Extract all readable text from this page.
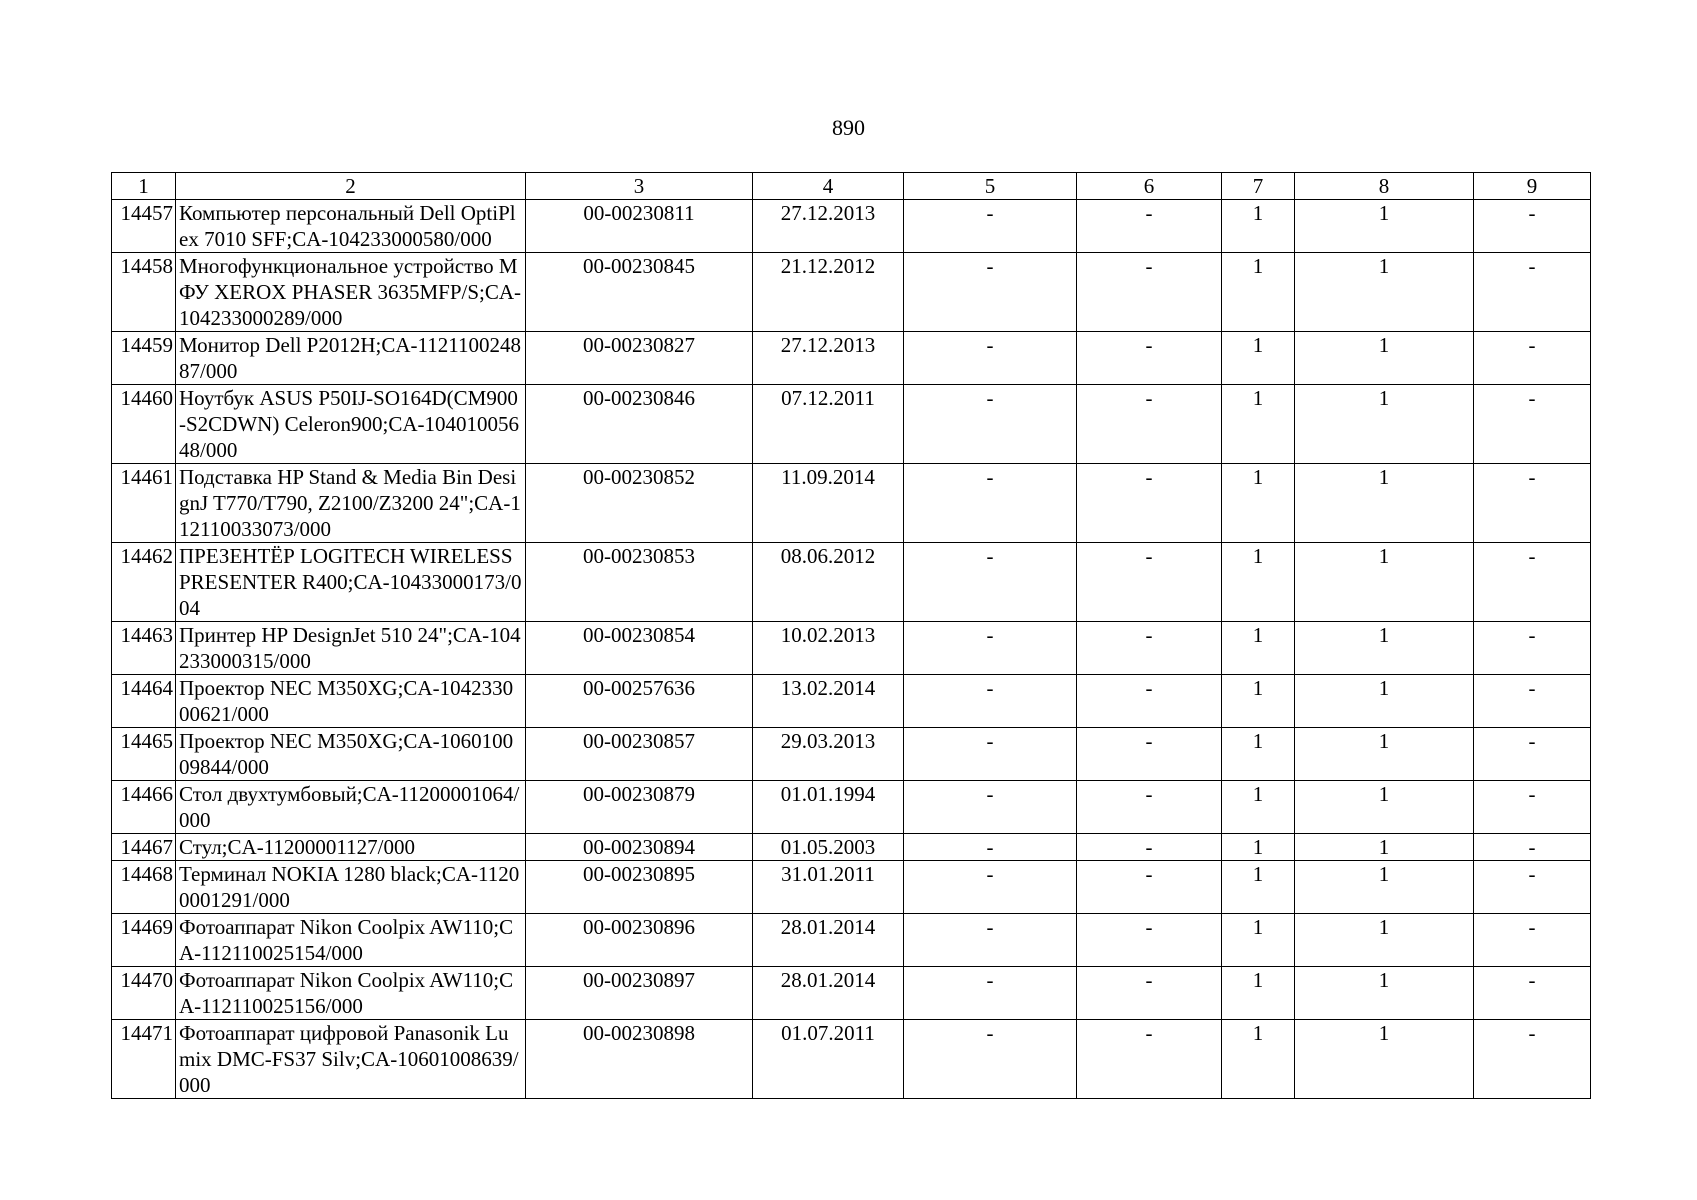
890
1	2	3	4	5	6	7	8	9
14457	Компьютер персональный Dell OptiPlex 7010 SFF;CA-104233000580/000	00-00230811	27.12.2013	-	-	1	1	-
14458	Многофункциональное устройство МФУ XEROX PHASER 3635MFP/S;CA-104233000289/000	00-00230845	21.12.2012	-	-	1	1	-
14459	Монитор Dell P2012H;CA-112110024887/000	00-00230827	27.12.2013	-	-	1	1	-
14460	Ноутбук ASUS P50IJ-SO164D(CM900-S2CDWN) Celeron900;CA-10401005648/000	00-00230846	07.12.2011	-	-	1	1	-
14461	Подставка HP Stand & Media Bin DesignJ T770/T790, Z2100/Z3200 24";CA-112110033073/000	00-00230852	11.09.2014	-	-	1	1	-
14462	ПРЕЗЕНТЁР LOGITECH WIRELESS PRESENTER R400;CA-10433000173/004	00-00230853	08.06.2012	-	-	1	1	-
14463	Принтер HP DesignJet 510 24";CA-104233000315/000	00-00230854	10.02.2013	-	-	1	1	-
14464	Проектор NEC M350XG;CA-104233000621/000	00-00257636	13.02.2014	-	-	1	1	-
14465	Проектор NEC M350XG;CA-106010009844/000	00-00230857	29.03.2013	-	-	1	1	-
14466	Стол двухтумбовый;CA-11200001064/000	00-00230879	01.01.1994	-	-	1	1	-
14467	Стул;CA-11200001127/000	00-00230894	01.05.2003	-	-	1	1	-
14468	Терминал NOKIA 1280 black;CA-11200001291/000	00-00230895	31.01.2011	-	-	1	1	-
14469	Фотоаппарат Nikon Coolpix AW110;CA-112110025154/000	00-00230896	28.01.2014	-	-	1	1	-
14470	Фотоаппарат Nikon Coolpix AW110;CA-112110025156/000	00-00230897	28.01.2014	-	-	1	1	-
14471	Фотоаппарат цифровой Panasonik Lumix DMC-FS37 Silv;CA-10601008639/000	00-00230898	01.07.2011	-	-	1	1	-
